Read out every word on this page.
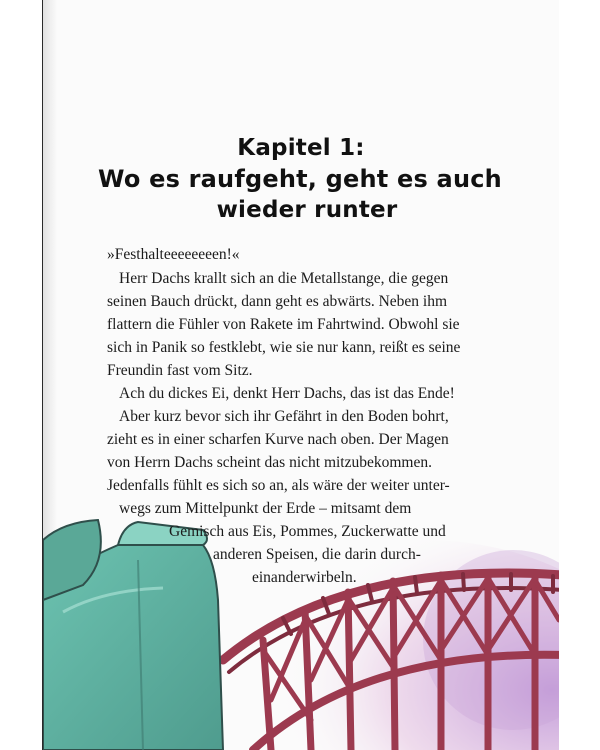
Kapitel 1:
Wo es raufgeht, geht es auch
wieder runter
»Festhalteeeeeeeen!«
Herr Dachs krallt sich an die Metallstange, die gegen
seinen Bauch drückt, dann geht es abwärts. Neben ihm
flattern die Fühler von Rakete im Fahrtwind. Obwohl sie
sich in Panik so festklebt, wie sie nur kann, reißt es seine
Freundin fast vom Sitz.
Ach du dickes Ei, denkt Herr Dachs, das ist das Ende!
Aber kurz bevor sich ihr Gefährt in den Boden bohrt,
zieht es in einer scharfen Kurve nach oben. Der Magen
von Herrn Dachs scheint das nicht mitzubekommen.
Jedenfalls fühlt es sich so an, als wäre der weiter unter-
wegs zum Mittelpunkt der Erde – mitsamt dem
Gemisch aus Eis, Pommes, Zuckerwatte und
anderen Speisen, die darin durch-
einanderwirbeln.
